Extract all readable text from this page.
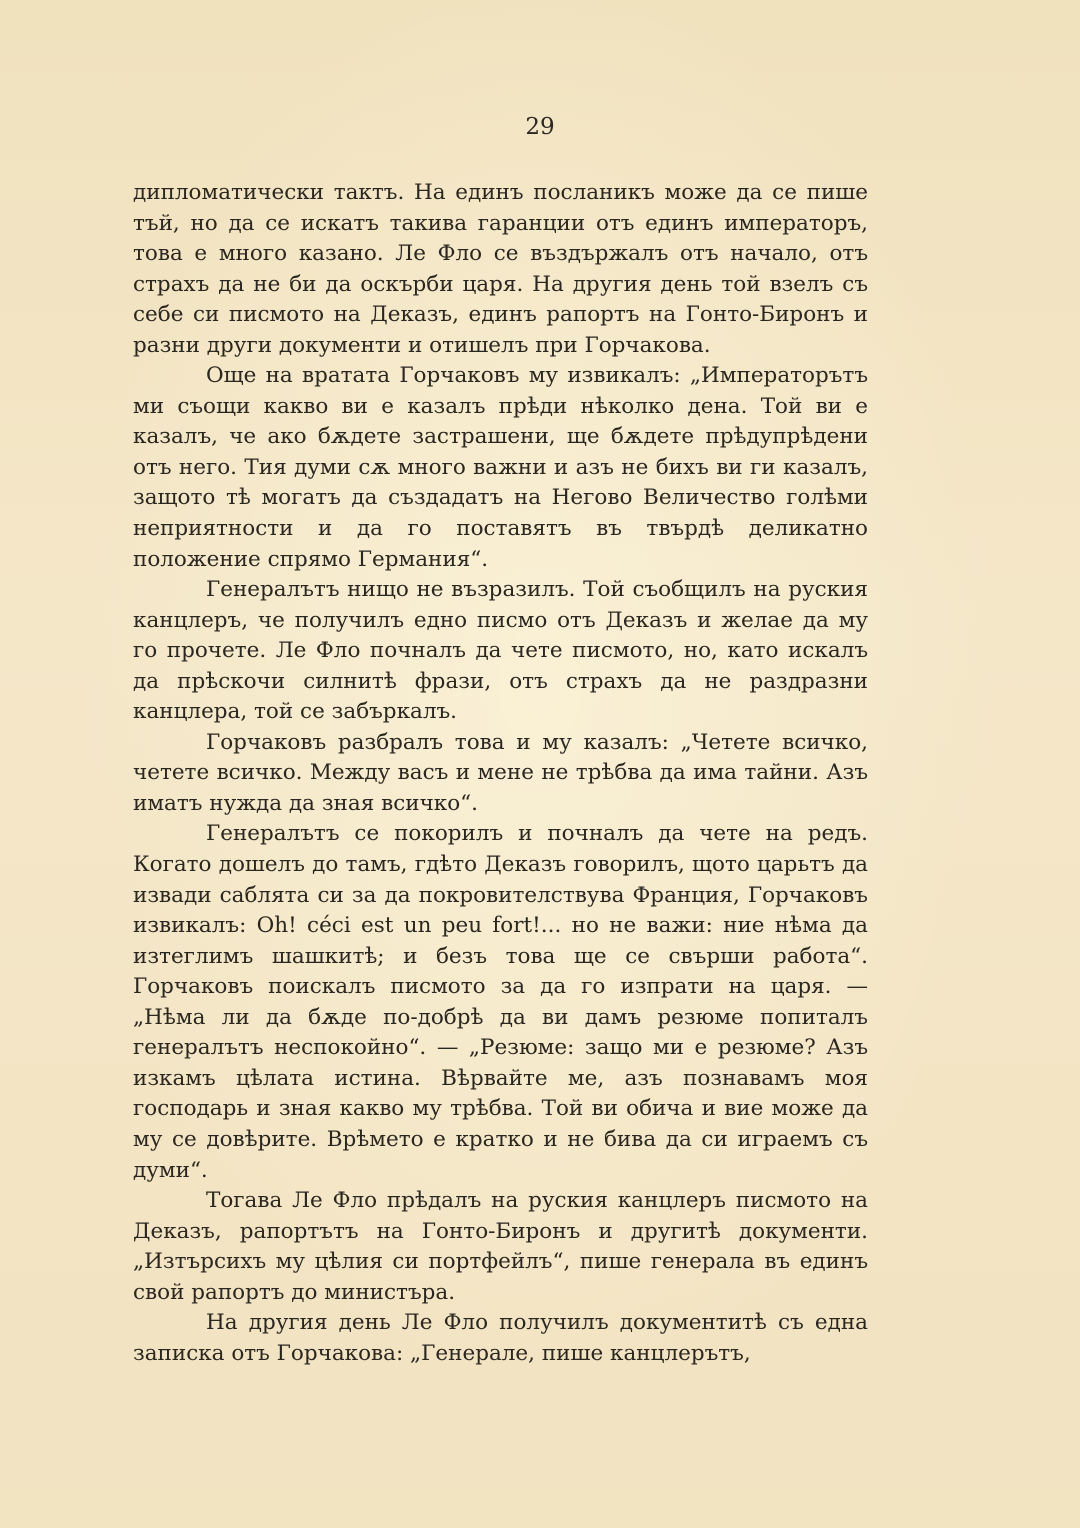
29

дипломатически тактъ. На единъ посланикъ може да се пише тъй, но да се искатъ такива гаранции отъ единъ императоръ, това е много казано. Ле Фло се въздържалъ отъ начало, отъ страхъ да не би да оскърби царя. На другия день той взелъ съ себе си писмото на Деказъ, единъ рапортъ на Гонто-Биронъ и разни други документи и отишелъ при Горчакова.

Още на вратата Горчаковъ му извикалъ: „Императорътъ ми съощи какво ви е казалъ прѣди нѣколко дена. Той ви е казалъ, че ако бѫдете застрашени, ще бѫдете прѣдупрѣдени отъ него. Тия думи сѫ много важни и азъ не бихъ ви ги казалъ, защото тѣ могатъ да създадатъ на Негово Величество голѣми неприятности и да го поставятъ въ твърдѣ деликатно положение спрямо Германия“.

Генералътъ нищо не възразилъ. Той съобщилъ на руския канцлеръ, че получилъ едно писмо отъ Деказъ и желае да му го прочете. Ле Фло почналъ да чете писмото, но, като искалъ да прѣскочи силнитѣ фрази, отъ страхъ да не раздразни канцлера, той се забъркалъ.

Горчаковъ разбралъ това и му казалъ: „Четете всичко, четете всичко. Между васъ и мене не трѣбва да има тайни. Азъ иматъ нужда да зная всичко“.

Генералътъ се покорилъ и почналъ да чете на редъ. Когато дошелъ до тамъ, гдѣто Деказъ говорилъ, щото царьтъ да извади саблята си за да покровителствува Франция, Горчаковъ извикалъ: Oh! céci est un peu fort!... но не важи: ние нѣма да изтеглимъ шашкитѣ; и безъ това ще се свърши работа“. Горчаковъ поискалъ писмото за да го изпрати на царя. — „Нѣма ли да бѫде по-добрѣ да ви дамъ резюме попиталъ генералътъ неспокойно“. — „Резюме: защо ми е резюме? Азъ изкамъ цѣлата истина. Вѣрвайте ме, азъ познавамъ моя господарь и зная какво му трѣбва. Той ви обича и вие може да му се довѣрите. Врѣмето е кратко и не бива да си играемъ съ думи“.

Тогава Ле Фло прѣдалъ на руския канцлеръ писмото на Деказъ, рапортътъ на Гонто-Биронъ и другитѣ документи. „Изтърсихъ му цѣлия си портфейлъ“, пише генерала въ единъ свой рапортъ до министъра.

На другия день Ле Фло получилъ документитѣ съ една записка отъ Горчакова: „Генерале, пише канцлерътъ,
